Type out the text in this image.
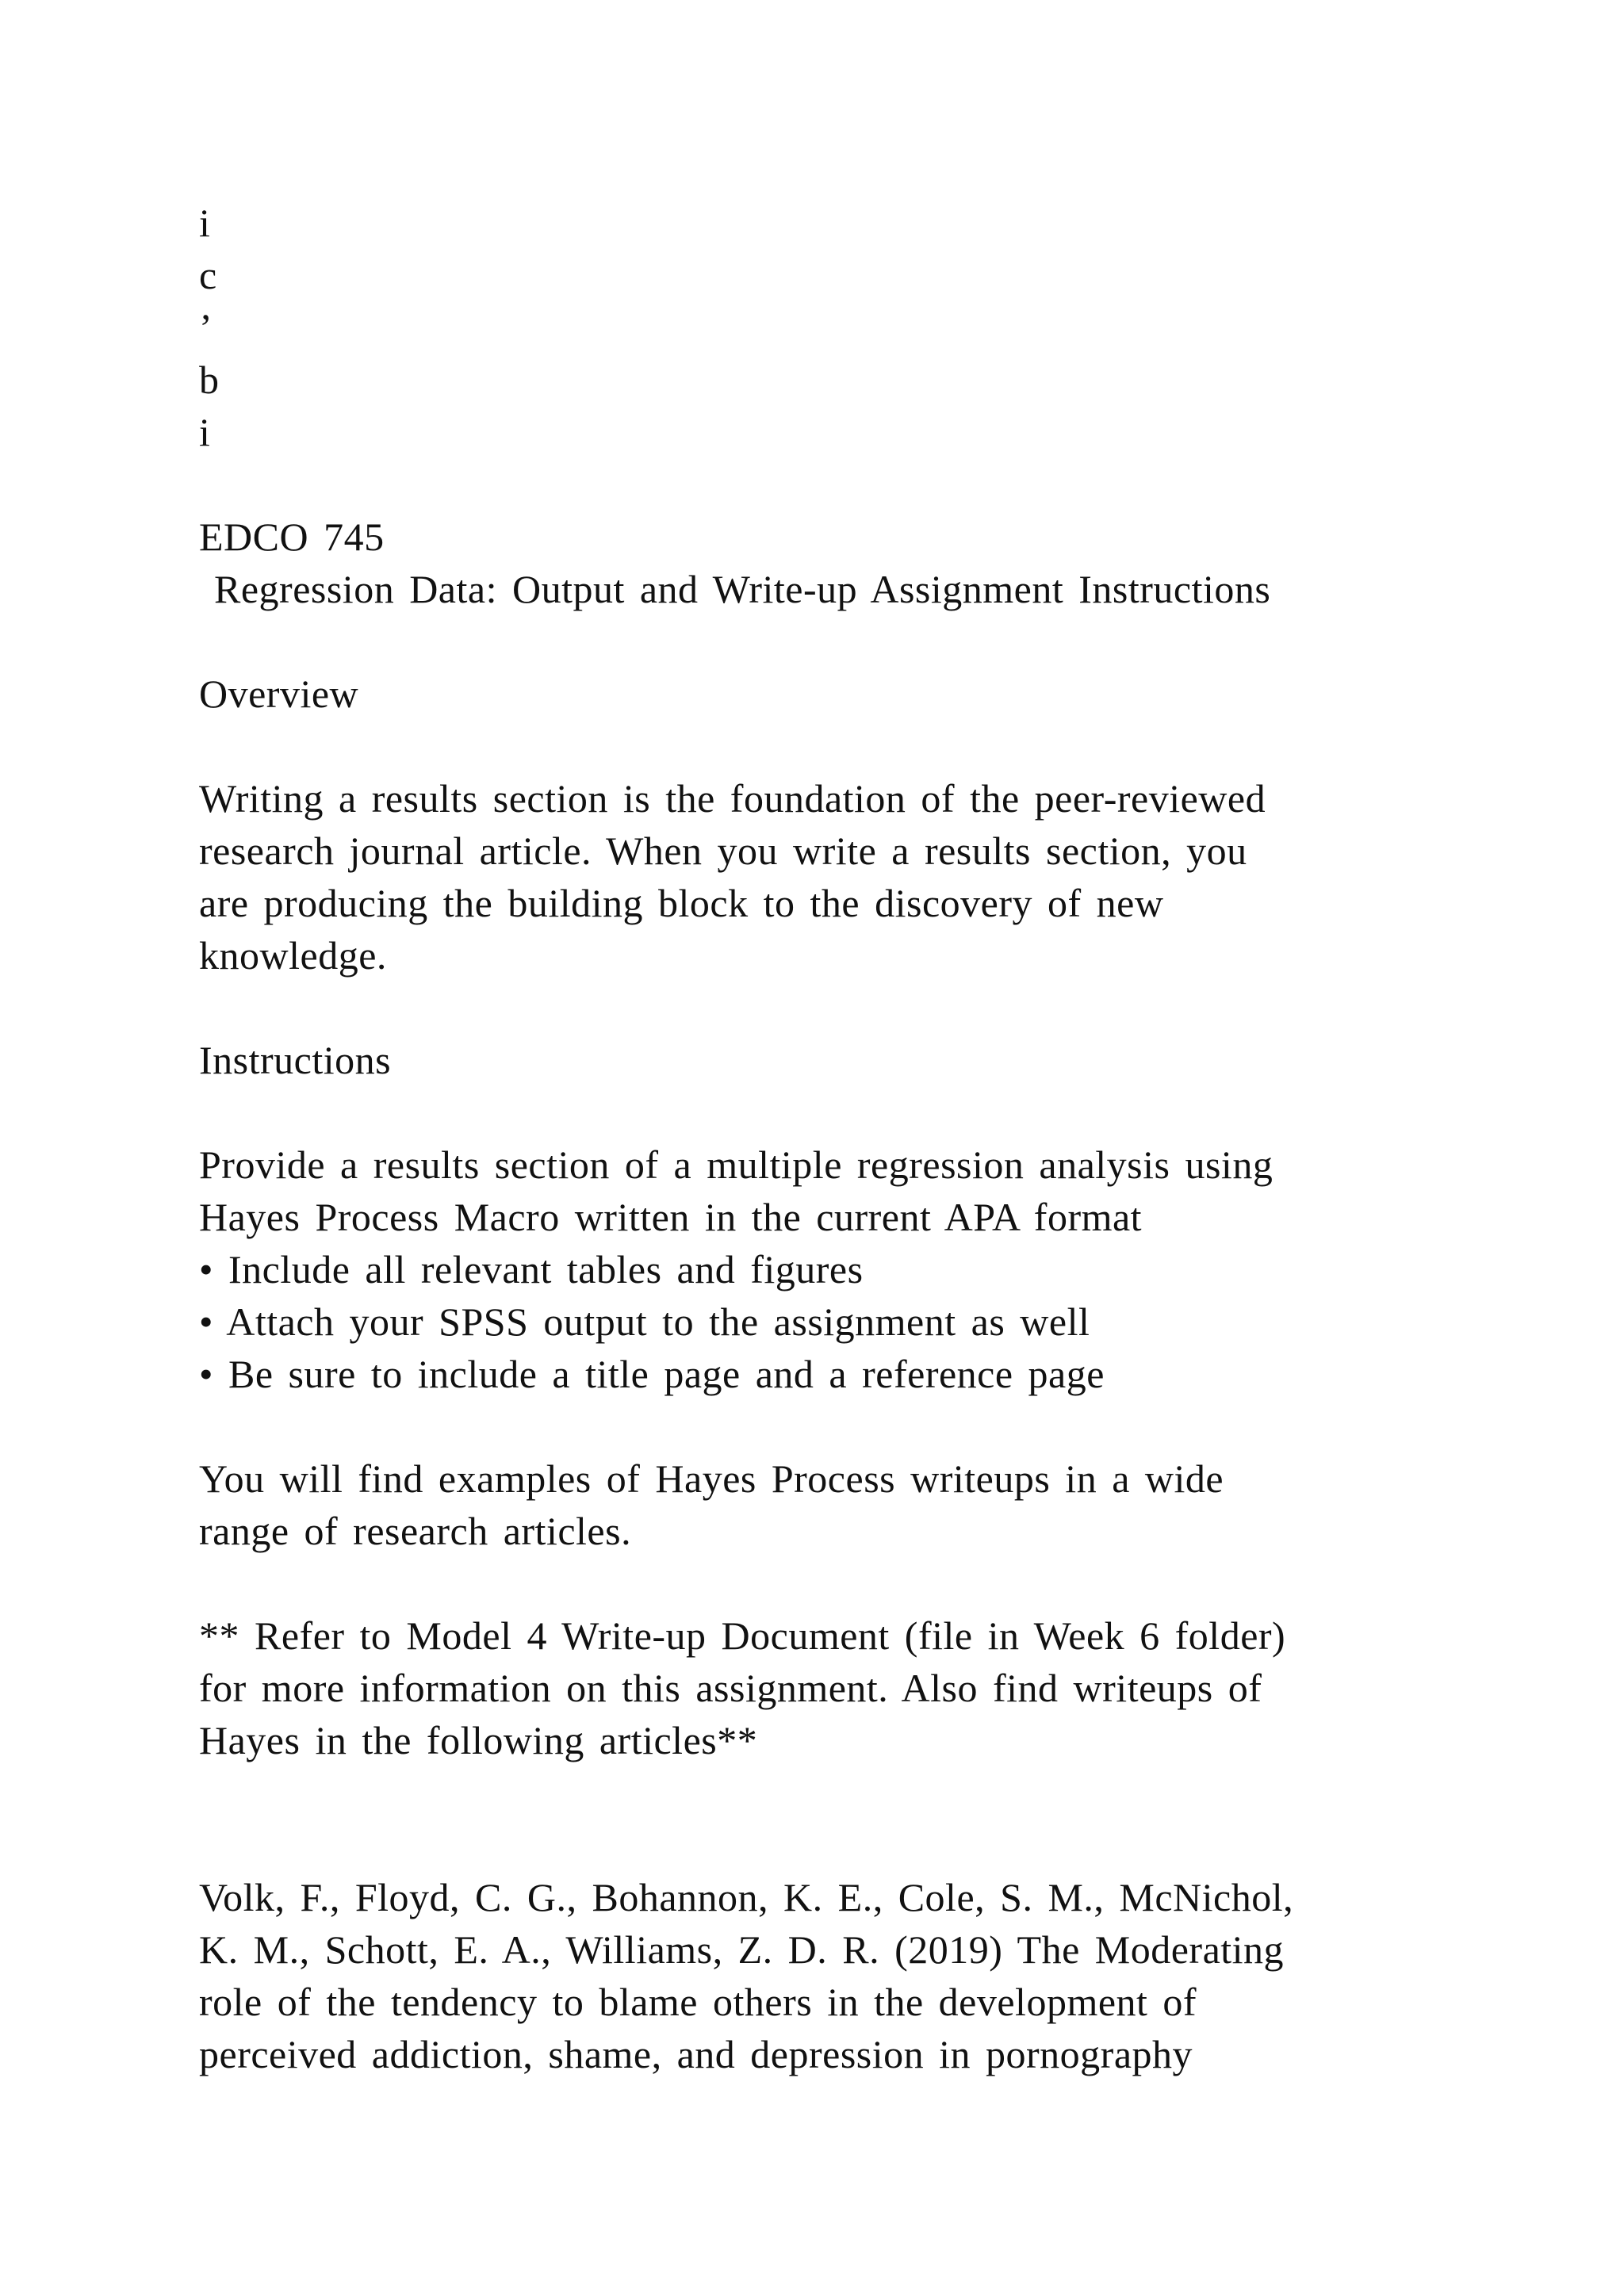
i
c
’
b
i
EDCO 745
Regression Data: Output and Write-up Assignment Instructions
Overview
Writing a results section is the foundation of the peer-reviewed
research journal article. When you write a results section, you
are producing the building block to the discovery of new
knowledge.
Instructions
Provide a results section of a multiple regression analysis using
Hayes Process Macro written in the current APA format
• Include all relevant tables and figures
• Attach your SPSS output to the assignment as well
• Be sure to include a title page and a reference page
You will find examples of Hayes Process writeups in a wide
range of research articles.
** Refer to Model 4 Write-up Document (file in Week 6 folder)
for more information on this assignment. Also find writeups of
Hayes in the following articles**
Volk, F., Floyd, C. G., Bohannon, K. E., Cole, S. M., McNichol,
K. M., Schott, E. A., Williams, Z. D. R. (2019) The Moderating
role of the tendency to blame others in the development of
perceived addiction, shame, and depression in pornography
